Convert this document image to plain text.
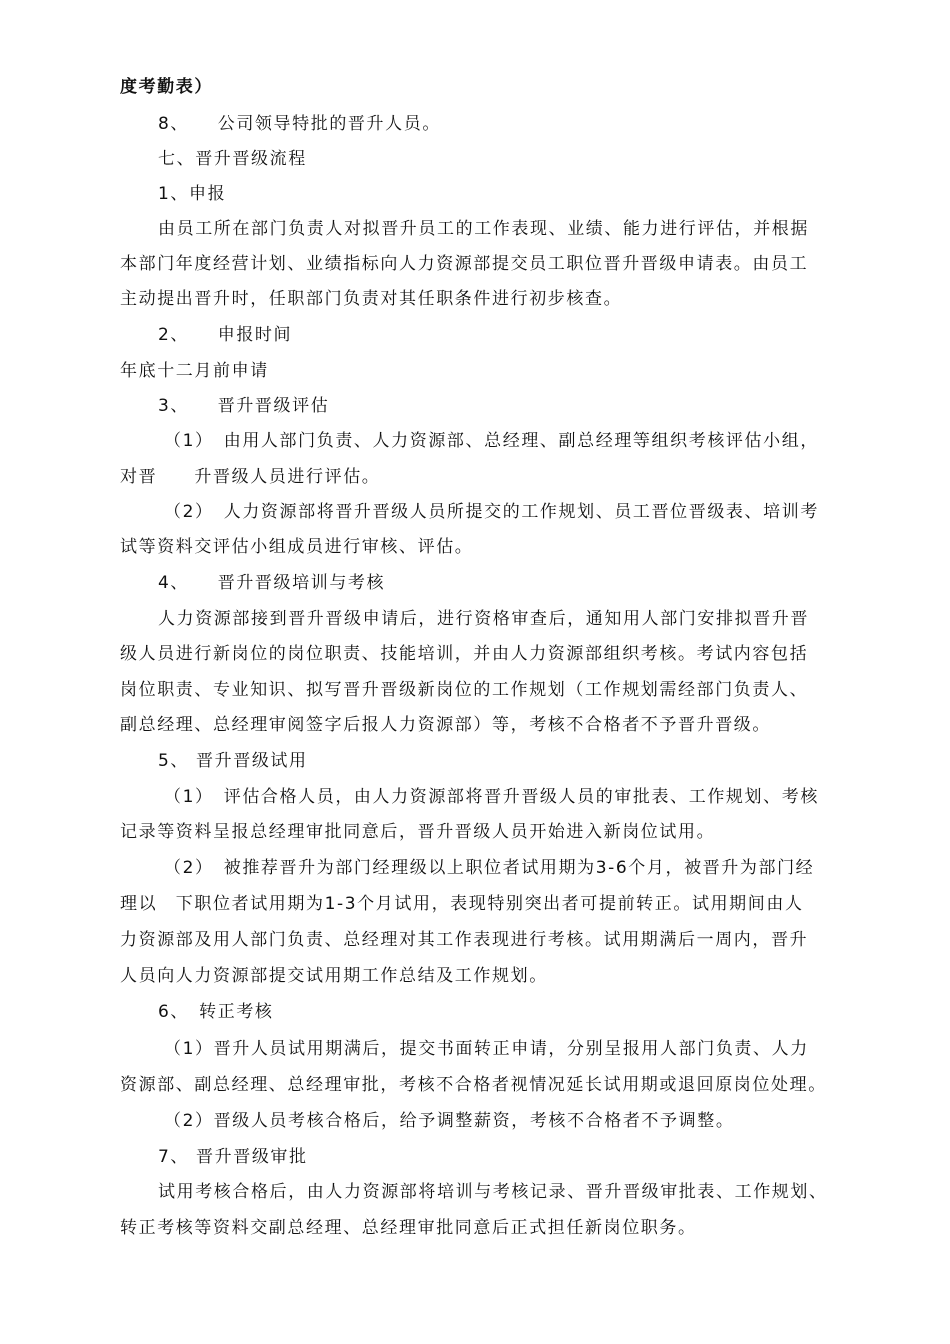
度考勤表）
8、　　公司领导特批的晋升人员。
七、晋升晋级流程
1、申报
由员工所在部门负责人对拟晋升员工的工作表现、业绩、能力进行评估，并根据
本部门年度经营计划、业绩指标向人力资源部提交员工职位晋升晋级申请表。由员工
主动提出晋升时，任职部门负责对其任职条件进行初步核查。
2、　　申报时间
年底十二月前申请
3、　　晋升晋级评估
（1）　由用人部门负责、人力资源部、总经理、副总经理等组织考核评估小组，
对晋　　升晋级人员进行评估。
（2）　人力资源部将晋升晋级人员所提交的工作规划、员工晋位晋级表、培训考
试等资料交评估小组成员进行审核、评估。
4、　　晋升晋级培训与考核
人力资源部接到晋升晋级申请后，进行资格审查后，通知用人部门安排拟晋升晋
级人员进行新岗位的岗位职责、技能培训，并由人力资源部组织考核。考试内容包括
岗位职责、专业知识、拟写晋升晋级新岗位的工作规划（工作规划需经部门负责人、
副总经理、总经理审阅签字后报人力资源部）等，考核不合格者不予晋升晋级。
5、 晋升晋级试用
（1）　评估合格人员，由人力资源部将晋升晋级人员的审批表、工作规划、考核
记录等资料呈报总经理审批同意后，晋升晋级人员开始进入新岗位试用。
（2）　被推荐晋升为部门经理级以上职位者试用期为3-6个月，被晋升为部门经
理以　下职位者试用期为1-3个月试用，表现特别突出者可提前转正。试用期间由人
力资源部及用人部门负责、总经理对其工作表现进行考核。试用期满后一周内，晋升
人员向人力资源部提交试用期工作总结及工作规划。
6、　转正考核
（1）晋升人员试用期满后，提交书面转正申请，分别呈报用人部门负责、人力
资源部、副总经理、总经理审批，考核不合格者视情况延长试用期或退回原岗位处理。
（2）晋级人员考核合格后，给予调整薪资，考核不合格者不予调整。
7、 晋升晋级审批
试用考核合格后，由人力资源部将培训与考核记录、晋升晋级审批表、工作规划、
转正考核等资料交副总经理、总经理审批同意后正式担任新岗位职务。
